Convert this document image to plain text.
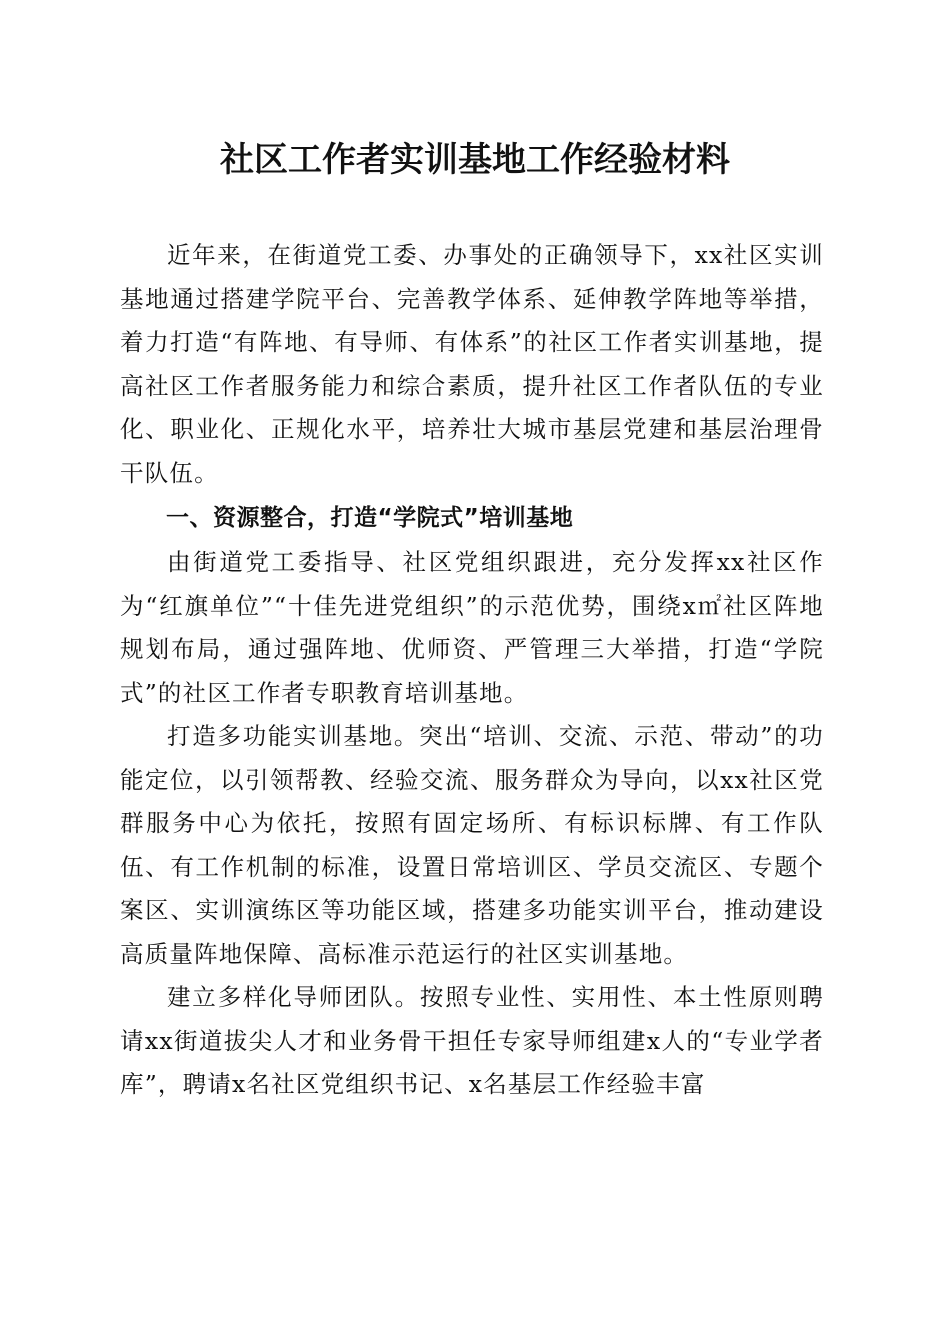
社区工作者实训基地工作经验材料

近年来，在街道党工委、办事处的正确领导下，xx社区实训基地通过搭建学院平台、完善教学体系、延伸教学阵地等举措，着力打造“有阵地、有导师、有体系”的社区工作者实训基地，提高社区工作者服务能力和综合素质，提升社区工作者队伍的专业化、职业化、正规化水平，培养壮大城市基层党建和基层治理骨干队伍。

一、资源整合，打造“学院式”培训基地

由街道党工委指导、社区党组织跟进，充分发挥xx社区作为“红旗单位”“十佳先进党组织”的示范优势，围绕x㎡社区阵地规划布局，通过强阵地、优师资、严管理三大举措，打造“学院式”的社区工作者专职教育培训基地。

打造多功能实训基地。突出“培训、交流、示范、带动”的功能定位，以引领帮教、经验交流、服务群众为导向，以xx社区党群服务中心为依托，按照有固定场所、有标识标牌、有工作队伍、有工作机制的标准，设置日常培训区、学员交流区、专题个案区、实训演练区等功能区域，搭建多功能实训平台，推动建设高质量阵地保障、高标准示范运行的社区实训基地。

建立多样化导师团队。按照专业性、实用性、本土性原则聘请xx街道拔尖人才和业务骨干担任专家导师组建x人的“专业学者库”，聘请x名社区党组织书记、x名基层工作经验丰富
